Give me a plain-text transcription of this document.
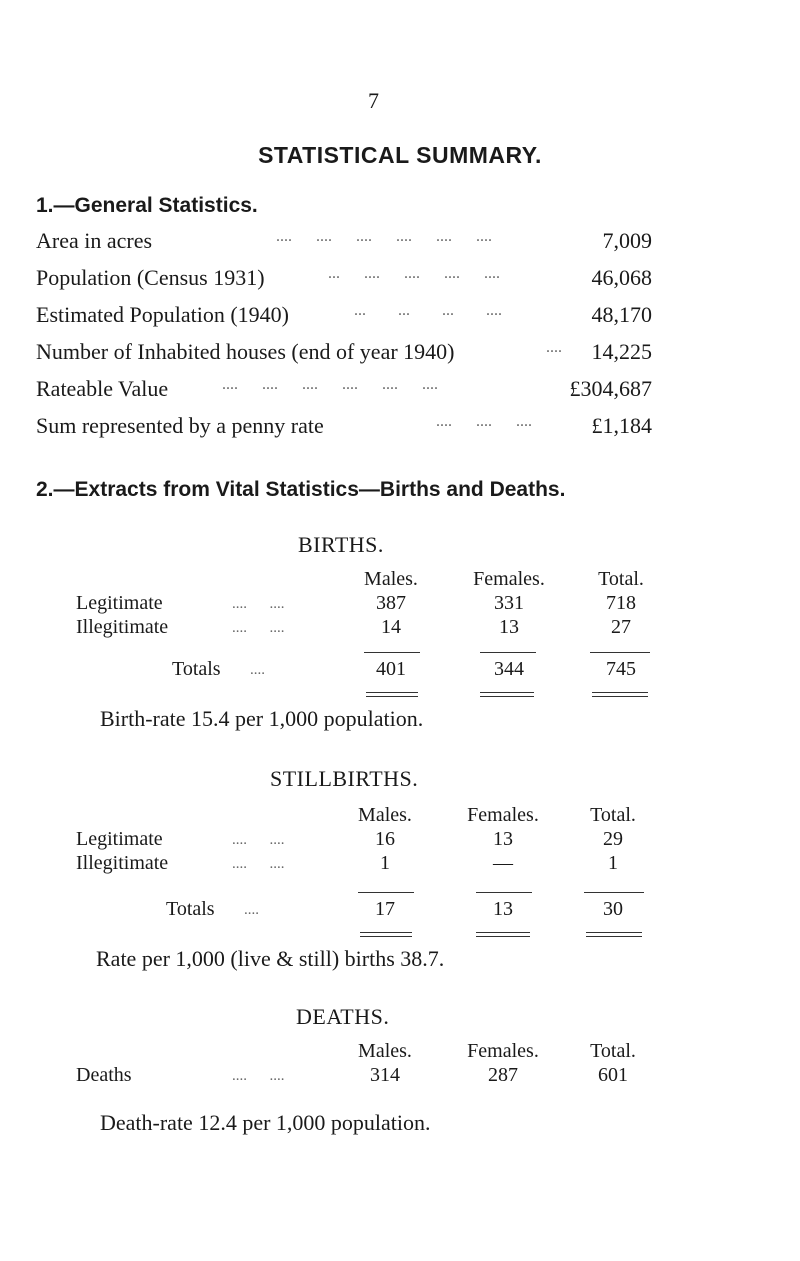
7
STATISTICAL SUMMARY.
1.—General Statistics.
Area in acres	....      ....      ....      ....      ....      ....	7,009
Population (Census 1931)	...      ....      ....      ....      ....	46,068
Estimated Population (1940)	...        ...        ...        ....	48,170
Number of Inhabited houses (end of year 1940)	.... 14,225
Rateable Value	....      ....      ....      ....      ....      ....	£304,687
Sum represented by a penny rate	....      ....      ....	£1,184
2.—Extracts from Vital Statistics—Births and Deaths.
BIRTHS.
Males.	Females.	Total.
Legitimate	....      ....	387	331	718
Illegitimate	....      ....	14	13	27
Totals ....	401	344	745
Birth-rate 15.4 per 1,000 population.
STILLBIRTHS.
Males.	Females.	Total.
Legitimate	....      ....	16	13	29
Illegitimate	....      ....	1	—	1
Totals ....	17	13	30
Rate per 1,000 (live & still) births 38.7.
DEATHS.
Males.	Females.	Total.
Deaths	....      ....	314	287	601
Death-rate 12.4 per 1,000 population.
